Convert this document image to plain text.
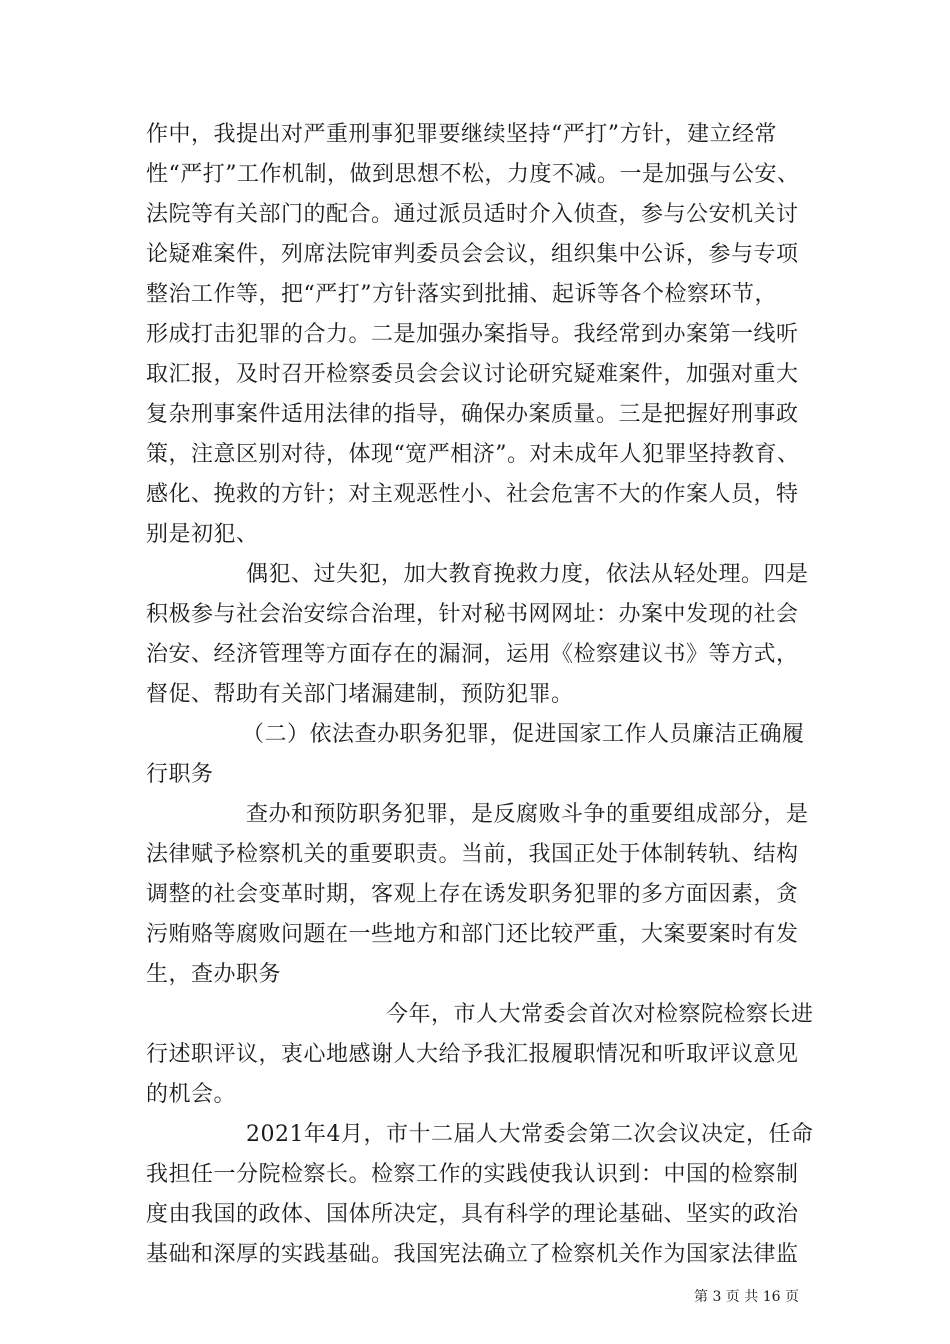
作中，我提出对严重刑事犯罪要继续坚持“严打”方针，建立经常
性“严打”工作机制，做到思想不松，力度不减。一是加强与公安、
法院等有关部门的配合。通过派员适时介入侦查，参与公安机关讨
论疑难案件，列席法院审判委员会会议，组织集中公诉，参与专项
整治工作等，把“严打”方针落实到批捕、起诉等各个检察环节，
形成打击犯罪的合力。二是加强办案指导。我经常到办案第一线听
取汇报，及时召开检察委员会会议讨论研究疑难案件，加强对重大
复杂刑事案件适用法律的指导，确保办案质量。三是把握好刑事政
策，注意区别对待，体现“宽严相济”。对未成年人犯罪坚持教育、
感化、挽救的方针；对主观恶性小、社会危害不大的作案人员，特
别是初犯、
偶犯、过失犯，加大教育挽救力度，依法从轻处理。四是
积极参与社会治安综合治理，针对秘书网网址：办案中发现的社会
治安、经济管理等方面存在的漏洞，运用《检察建议书》等方式，
督促、帮助有关部门堵漏建制，预防犯罪。
（二）依法查办职务犯罪，促进国家工作人员廉洁正确履
行职务
查办和预防职务犯罪，是反腐败斗争的重要组成部分，是
法律赋予检察机关的重要职责。当前，我国正处于体制转轨、结构
调整的社会变革时期，客观上存在诱发职务犯罪的多方面因素，贪
污贿赂等腐败问题在一些地方和部门还比较严重，大案要案时有发
生，查办职务
今年，市人大常委会首次对检察院检察长进
行述职评议，衷心地感谢人大给予我汇报履职情况和听取评议意见
的机会。
2021年4月，市十二届人大常委会第二次会议决定，任命
我担任一分院检察长。检察工作的实践使我认识到：中国的检察制
度由我国的政体、国体所决定，具有科学的理论基础、坚实的政治
基础和深厚的实践基础。我国宪法确立了检察机关作为国家法律监
第 3 页 共 16 页
